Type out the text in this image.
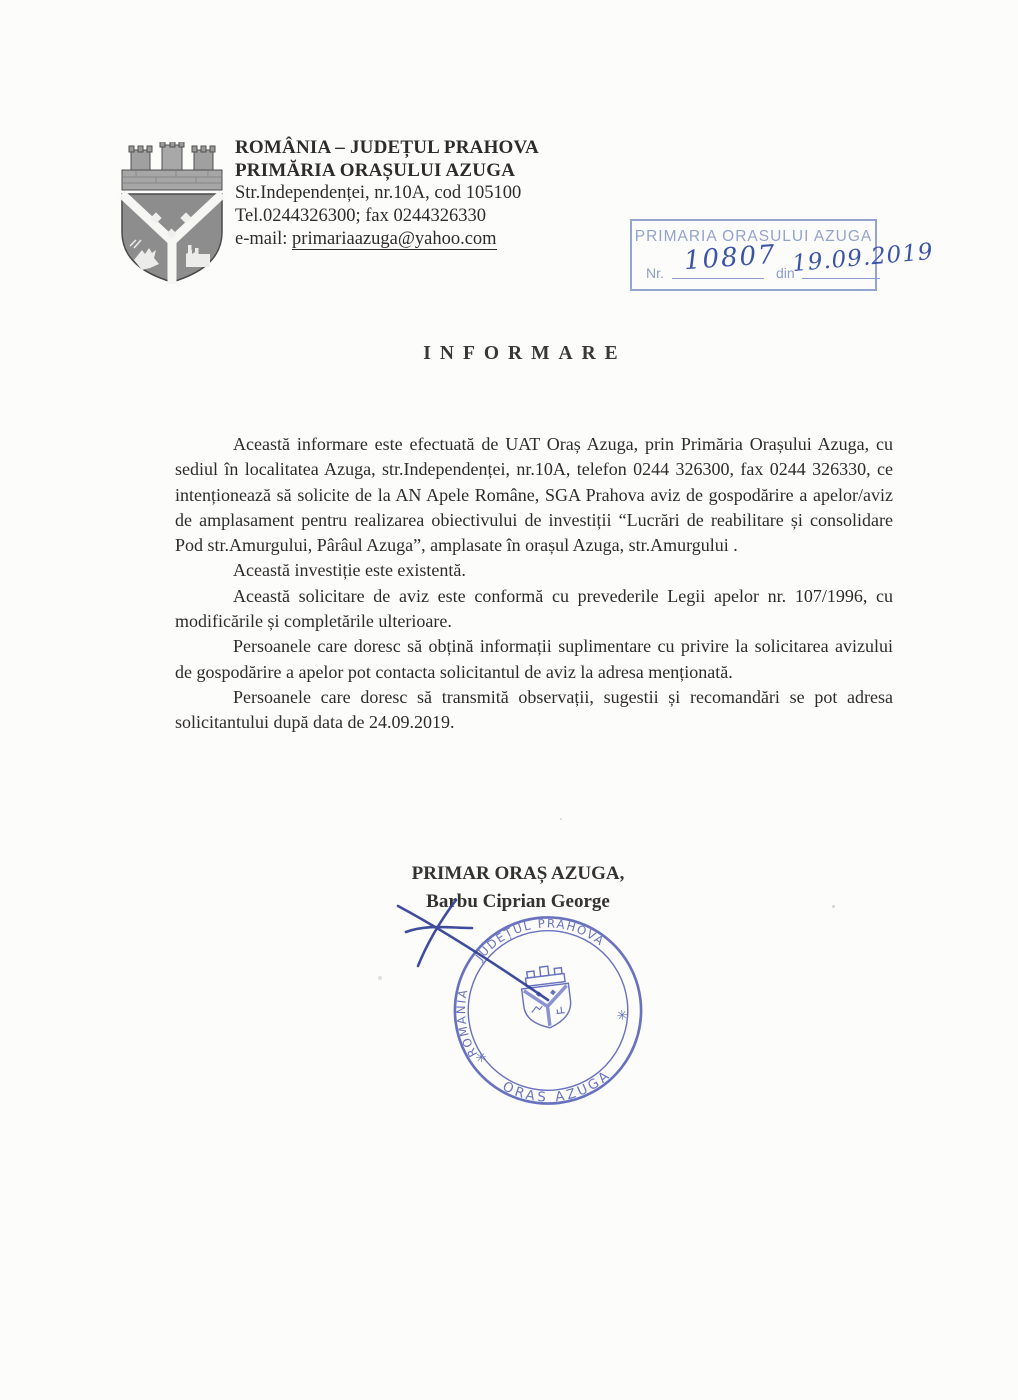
ROMÂNIA – JUDEȚUL PRAHOVA
PRIMĂRIA ORAȘULUI AZUGA
Str.Independenței, nr.10A, cod 105100
Tel.0244326300; fax 0244326330
e-mail: primariaazuga@yahoo.com	PRIMARIA ORASULUI AZUGA
Nr.	din
10807 19.09.2019
INFORMARE

Această informare este efectuată de UAT Oraș Azuga, prin Primăria Orașului Azuga, cu sediul în localitatea Azuga, str.Independenței, nr.10A, telefon 0244 326300, fax 0244 326330, ce intenționează să solicite de la AN Apele Române, SGA Prahova aviz de gospodărire a apelor/aviz de amplasament pentru realizarea obiectivului de investiții “Lucrări de reabilitare și consolidare Pod str.Amurgului, Pârâul Azuga”, amplasate în orașul Azuga, str.Amurgului .

Această investiție este existentă.

Această solicitare de aviz este conformă cu prevederile Legii apelor nr. 107/1996, cu modificările și completările ulterioare.

Persoanele care doresc să obțină informații suplimentare cu privire la solicitarea avizului de gospodărire a apelor pot contacta solicitantul de aviz la adresa menționată.

Persoanele care doresc să transmită observații, sugestii și recomandări se pot adresa solicitantului după data de 24.09.2019.

PRIMAR ORAȘ AZUGA,
Barbu Ciprian George
ROMÂNIA
JUDEȚUL PRAHOVA
ORAS AZUGA
✳
✳
